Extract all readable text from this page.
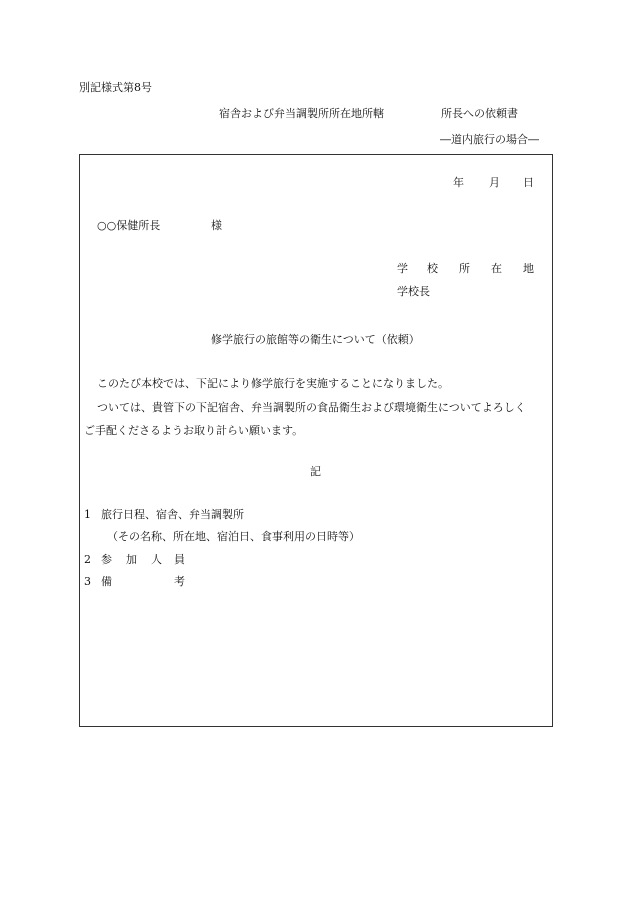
別記様式第8号
宿舎および弁当調製所所在地所轄	所長への依頼書
―道内旅行の場合―
年 月 日
○○保健所長	様
学 校 所 在 地
学校長
修学旅行の旅館等の衛生について（依頼）
このたび本校では、下記により修学旅行を実施することになりました。
ついては、貴管下の下記宿舎、弁当調製所の食品衛生および環境衛生についてよろしく
ご手配くださるようお取り計らい願います。
記
1 旅行日程、宿舎、弁当調製所
（その名称、所在地、宿泊日、食事利用の日時等）
2 参 加 人 員
3 備	考
